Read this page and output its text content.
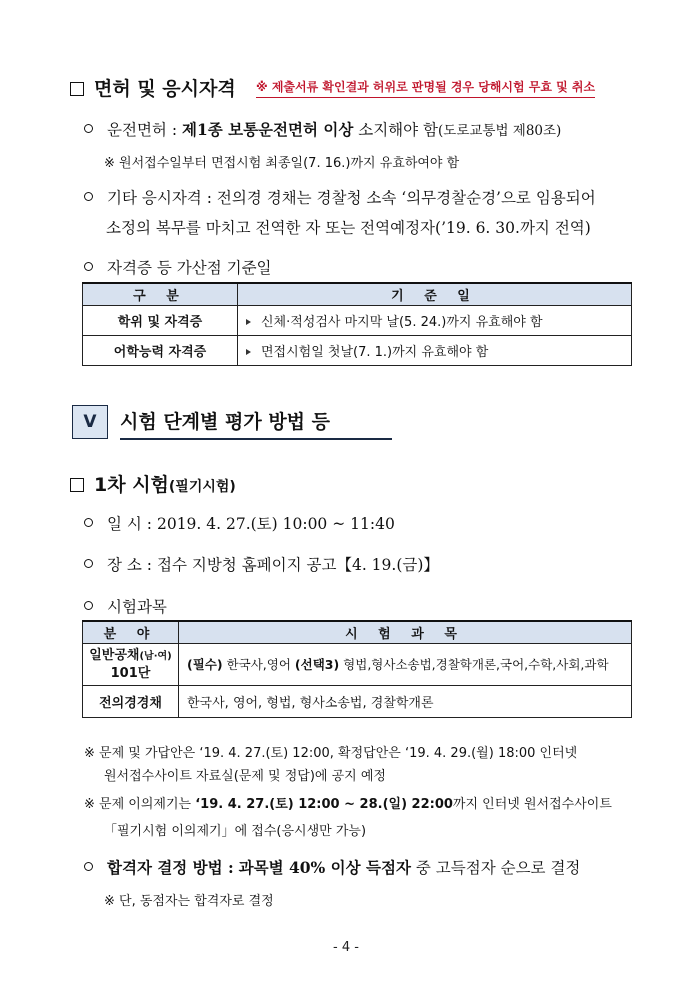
면허 및 응시자격 ※ 제출서류 확인결과 허위로 판명될 경우 당해시험 무효 및 취소
운전면허 : 제1종 보통운전면허 이상 소지해야 함(도로교통법 제80조)
※ 원서접수일부터 면접시험 최종일(7. 16.)까지 유효하여야 함
기타 응시자격 : 전의경 경채는 경찰청 소속 ‘의무경찰순경’으로 임용되어
소정의 복무를 마치고 전역한 자 또는 전역예정자(’19. 6. 30.까지 전역)
자격증 등 가산점 기준일
구 분	기 준 일
학위 및 자격증	신체·적성검사 마지막 날(5. 24.)까지 유효해야 함
어학능력 자격증	면접시험일 첫날(7. 1.)까지 유효해야 함
V	시험 단계별 평가 방법 등
1차 시험(필기시험)
일 시 : 2019. 4. 27.(토) 10:00 ~ 11:40
장 소 : 접수 지방청 홈페이지 공고【4. 19.(금)】
시험과목
분 야	시 험 과 목
일반공채(남·여)
101단	(필수) 한국사,영어 (선택3) 형법,형사소송법,경찰학개론,국어,수학,사회,과학
전의경경채	한국사, 영어, 형법, 형사소송법, 경찰학개론
※ 문제 및 가답안은 ‘19. 4. 27.(토) 12:00, 확정답안은 ‘19. 4. 29.(월) 18:00 인터넷
원서접수사이트 자료실(문제 및 정답)에 공지 예정
※ 문제 이의제기는 ‘19. 4. 27.(토) 12:00 ~ 28.(일) 22:00까지 인터넷 원서접수사이트
「필기시험 이의제기」에 접수(응시생만 가능)
합격자 결정 방법 : 과목별 40% 이상 득점자 중 고득점자 순으로 결정
※ 단, 동점자는 합격자로 결정
- 4 -
